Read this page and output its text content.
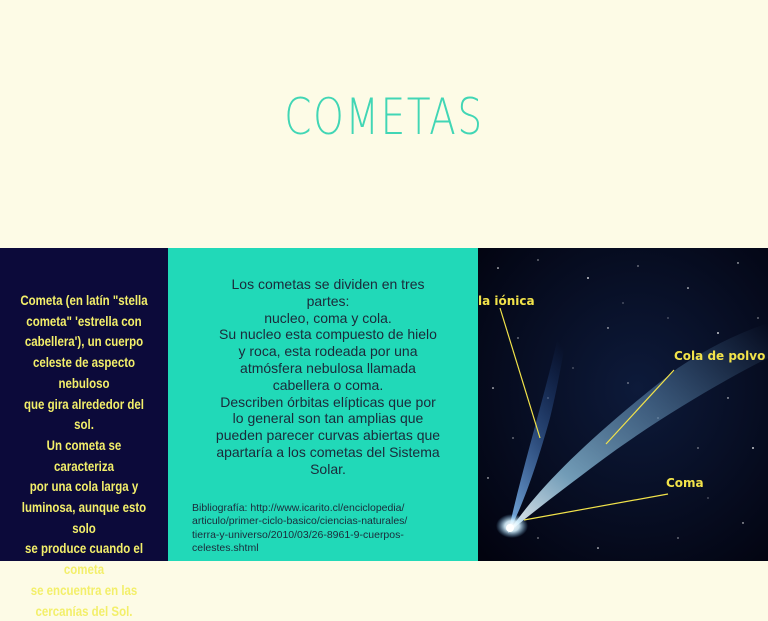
COMETAS
Cometa (en latín "stella
cometa" 'estrella con
cabellera'), un cuerpo
celeste de aspecto nebuloso
que gira alrededor del sol.
Un cometa se caracteriza
por una cola larga y
luminosa, aunque esto solo
se produce cuando el cometa
se encuentra en las
cercanías del Sol.
Los cometas se dividen en tres
partes:
nucleo, coma y cola.
Su nucleo esta compuesto de hielo
y roca, esta rodeada por una
atmósfera nebulosa llamada
cabellera o coma.
Describen órbitas elípticas que por
lo general son tan amplias que
pueden parecer curvas abiertas que
apartaría a los cometas del Sistema
Solar.
Bibliografía: http://www.icarito.cl/enciclopedia/
articulo/primer-ciclo-basico/ciencias-naturales/
tierra-y-universo/2010/03/26-8961-9-cuerpos-
celestes.shtml
la iónica
Cola de polvo
Coma
